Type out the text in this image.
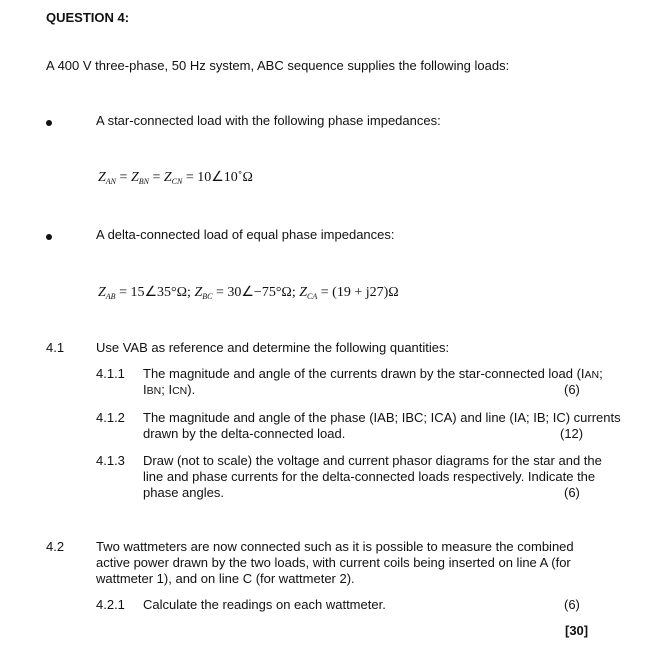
QUESTION 4:
A 400 V three-phase, 50 Hz system, ABC sequence supplies the following loads:
A star-connected load with the following phase impedances:
$Z_{AN} = Z_{BN} = Z_{CN}$ = 10∠10˚Ω
A delta-connected load of equal phase impedances:
$Z_{AB}$ = 15∠35°Ω; $Z_{BC}$ = 30∠−75°Ω; $Z_{CA} = (19 + j27)\Omega$
4.1 Use VAB as reference and determine the following quantities:
4.1.1 The magnitude and angle of the currents drawn by the star-connected load (IAN;
IBN; ICN).	(6)
4.1.2 The magnitude and angle of the phase (IAB; IBC; ICA) and line (IA; IB; IC) currents
drawn by the delta-connected load.	(12)
4.1.3 Draw (not to scale) the voltage and current phasor diagrams for the star and the
line and phase currents for the delta-connected loads respectively. Indicate the
phase angles.	(6)
4.2 Two wattmeters are now connected such as it is possible to measure the combined
active power drawn by the two loads, with current coils being inserted on line A (for
wattmeter 1), and on line C (for wattmeter 2).
4.2.1 Calculate the readings on each wattmeter.	(6)
[30]
